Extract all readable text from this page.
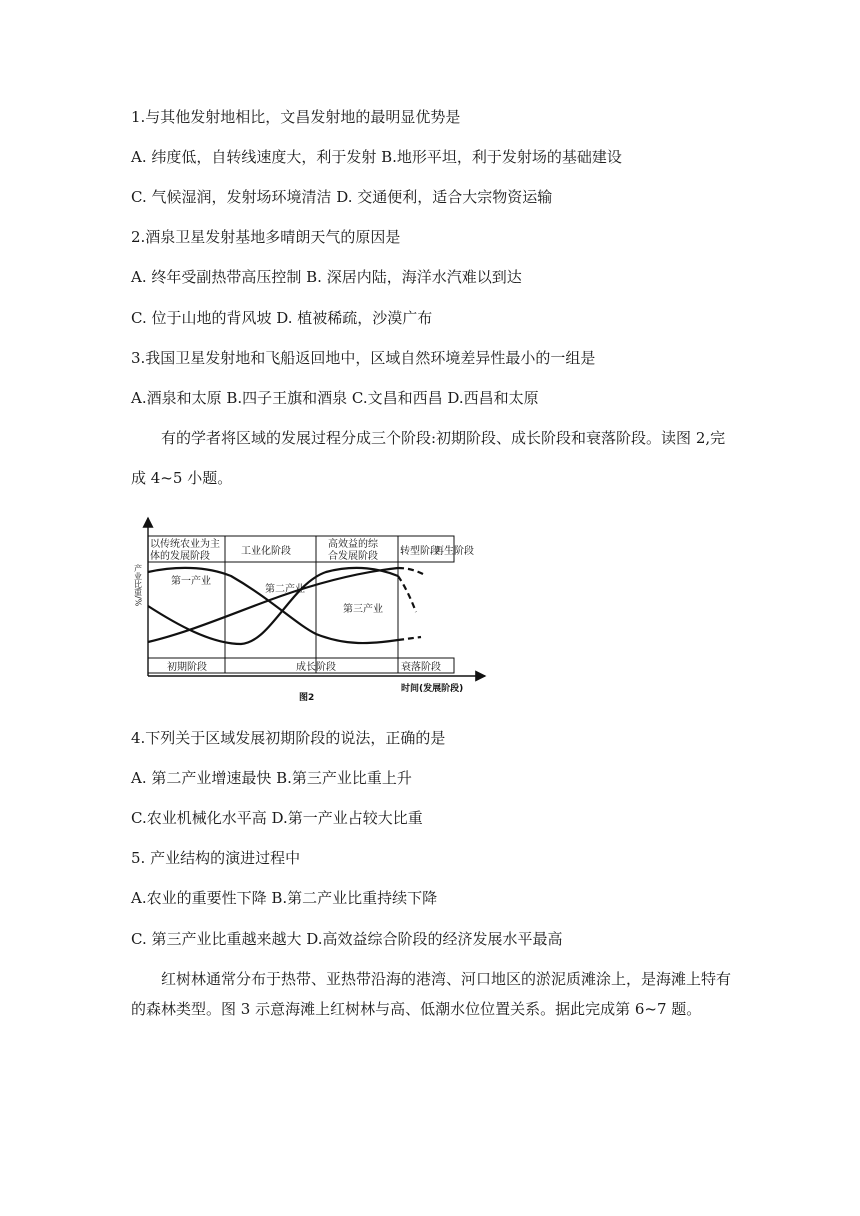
1.与其他发射地相比，文昌发射地的最明显优势是
A. 纬度低，自转线速度大，利于发射 B.地形平坦，利于发射场的基础建设
C. 气候湿润，发射场环境清洁 D. 交通便利，适合大宗物资运输
2.酒泉卫星发射基地多晴朗天气的原因是
A. 终年受副热带高压控制 B. 深居内陆，海洋水汽难以到达
C. 位于山地的背风坡 D. 植被稀疏，沙漠广布
3.我国卫星发射地和飞船返回地中，区域自然环境差异性最小的一组是
A.酒泉和太原 B.四子王旗和酒泉 C.文昌和西昌 D.西昌和太原
有的学者将区域的发展过程分成三个阶段:初期阶段、成长阶段和衰落阶段。读图 2,完成 4~5 小题。
产业比重/%
以传统农业为主
体的发展阶段	工业化阶段
高效益的综
合发展阶段 转型阶段
再生阶段
初期阶段	成长阶段	衰落阶段
第一产业
第二产业
第三产业
图2
时间(发展阶段)
4.下列关于区域发展初期阶段的说法，正确的是
A. 第二产业增速最快 B.第三产业比重上升
C.农业机械化水平高 D.第一产业占较大比重
5. 产业结构的演进过程中
A.农业的重要性下降 B.第二产业比重持续下降
C. 第三产业比重越来越大 D.高效益综合阶段的经济发展水平最高
红树林通常分布于热带、亚热带沿海的港湾、河口地区的淤泥质滩涂上，是海滩上特有的森林类型。图 3 示意海滩上红树林与高、低潮水位位置关系。据此完成第 6~7 题。
